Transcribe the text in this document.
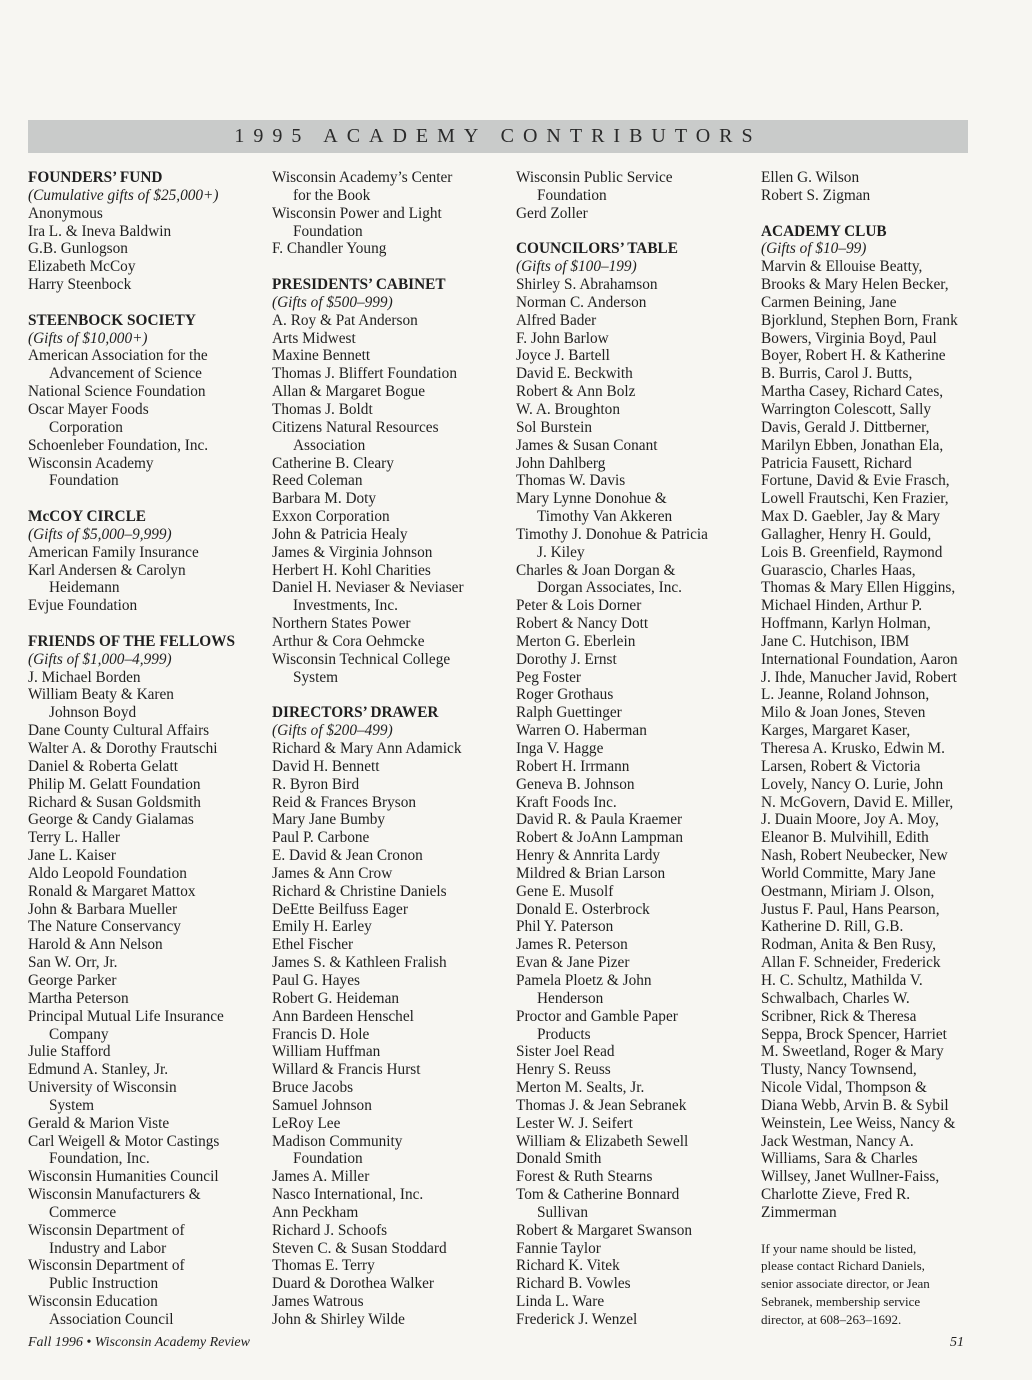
1995 ACADEMY CONTRIBUTORS
FOUNDERS’ FUND
(Cumulative gifts of $25,000+)
Anonymous
Ira L. & Ineva Baldwin
G.B. Gunlogson
Elizabeth McCoy
Harry Steenbock
STEENBOCK SOCIETY
(Gifts of $10,000+)
American Association for the
Advancement of Science
National Science Foundation
Oscar Mayer Foods
Corporation
Schoenleber Foundation, Inc.
Wisconsin Academy
Foundation
McCOY CIRCLE
(Gifts of $5,000–9,999)
American Family Insurance
Karl Andersen & Carolyn
Heidemann
Evjue Foundation
FRIENDS OF THE FELLOWS
(Gifts of $1,000–4,999)
J. Michael Borden
William Beaty & Karen
Johnson Boyd
Dane County Cultural Affairs
Walter A. & Dorothy Frautschi
Daniel & Roberta Gelatt
Philip M. Gelatt Foundation
Richard & Susan Goldsmith
George & Candy Gialamas
Terry L. Haller
Jane L. Kaiser
Aldo Leopold Foundation
Ronald & Margaret Mattox
John & Barbara Mueller
The Nature Conservancy
Harold & Ann Nelson
San W. Orr, Jr.
George Parker
Martha Peterson
Principal Mutual Life Insurance
Company
Julie Stafford
Edmund A. Stanley, Jr.
University of Wisconsin
System
Gerald & Marion Viste
Carl Weigell & Motor Castings
Foundation, Inc.
Wisconsin Humanities Council
Wisconsin Manufacturers &
Commerce
Wisconsin Department of
Industry and Labor
Wisconsin Department of
Public Instruction
Wisconsin Education
Association Council
Wisconsin Academy’s Center
for the Book
Wisconsin Power and Light
Foundation
F. Chandler Young
PRESIDENTS’ CABINET
(Gifts of $500–999)
A. Roy & Pat Anderson
Arts Midwest
Maxine Bennett
Thomas J. Bliffert Foundation
Allan & Margaret Bogue
Thomas J. Boldt
Citizens Natural Resources
Association
Catherine B. Cleary
Reed Coleman
Barbara M. Doty
Exxon Corporation
John & Patricia Healy
James & Virginia Johnson
Herbert H. Kohl Charities
Daniel H. Neviaser & Neviaser
Investments, Inc.
Northern States Power
Arthur & Cora Oehmcke
Wisconsin Technical College
System
DIRECTORS’ DRAWER
(Gifts of $200–499)
Richard & Mary Ann Adamick
David H. Bennett
R. Byron Bird
Reid & Frances Bryson
Mary Jane Bumby
Paul P. Carbone
E. David & Jean Cronon
James & Ann Crow
Richard & Christine Daniels
DeEtte Beilfuss Eager
Emily H. Earley
Ethel Fischer
James S. & Kathleen Fralish
Paul G. Hayes
Robert G. Heideman
Ann Bardeen Henschel
Francis D. Hole
William Huffman
Willard & Francis Hurst
Bruce Jacobs
Samuel Johnson
LeRoy Lee
Madison Community
Foundation
James A. Miller
Nasco International, Inc.
Ann Peckham
Richard J. Schoofs
Steven C. & Susan Stoddard
Thomas E. Terry
Duard & Dorothea Walker
James Watrous
John & Shirley Wilde
Wisconsin Public Service
Foundation
Gerd Zoller
COUNCILORS’ TABLE
(Gifts of $100–199)
Shirley S. Abrahamson
Norman C. Anderson
Alfred Bader
F. John Barlow
Joyce J. Bartell
David E. Beckwith
Robert & Ann Bolz
W. A. Broughton
Sol Burstein
James & Susan Conant
John Dahlberg
Thomas W. Davis
Mary Lynne Donohue &
Timothy Van Akkeren
Timothy J. Donohue & Patricia
J. Kiley
Charles & Joan Dorgan &
Dorgan Associates, Inc.
Peter & Lois Dorner
Robert & Nancy Dott
Merton G. Eberlein
Dorothy J. Ernst
Peg Foster
Roger Grothaus
Ralph Guettinger
Warren O. Haberman
Inga V. Hagge
Robert H. Irrmann
Geneva B. Johnson
Kraft Foods Inc.
David R. & Paula Kraemer
Robert & JoAnn Lampman
Henry & Annrita Lardy
Mildred & Brian Larson
Gene E. Musolf
Donald E. Osterbrock
Phil Y. Paterson
James R. Peterson
Evan & Jane Pizer
Pamela Ploetz & John
Henderson
Proctor and Gamble Paper
Products
Sister Joel Read
Henry S. Reuss
Merton M. Sealts, Jr.
Thomas J. & Jean Sebranek
Lester W. J. Seifert
William & Elizabeth Sewell
Donald Smith
Forest & Ruth Stearns
Tom & Catherine Bonnard
Sullivan
Robert & Margaret Swanson
Fannie Taylor
Richard K. Vitek
Richard B. Vowles
Linda L. Ware
Frederick J. Wenzel
Ellen G. Wilson
Robert S. Zigman
ACADEMY CLUB
(Gifts of $10–99)
Marvin & Ellouise Beatty,
Brooks & Mary Helen Becker,
Carmen Beining, Jane
Bjorklund, Stephen Born, Frank
Bowers, Virginia Boyd, Paul
Boyer, Robert H. & Katherine
B. Burris, Carol J. Butts,
Martha Casey, Richard Cates,
Warrington Colescott, Sally
Davis, Gerald J. Dittberner,
Marilyn Ebben, Jonathan Ela,
Patricia Fausett, Richard
Fortune, David & Evie Frasch,
Lowell Frautschi, Ken Frazier,
Max D. Gaebler, Jay & Mary
Gallagher, Henry H. Gould,
Lois B. Greenfield, Raymond
Guarascio, Charles Haas,
Thomas & Mary Ellen Higgins,
Michael Hinden, Arthur P.
Hoffmann, Karlyn Holman,
Jane C. Hutchison, IBM
International Foundation, Aaron
J. Ihde, Manucher Javid, Robert
L. Jeanne, Roland Johnson,
Milo & Joan Jones, Steven
Karges, Margaret Kaser,
Theresa A. Krusko, Edwin M.
Larsen, Robert & Victoria
Lovely, Nancy O. Lurie, John
N. McGovern, David E. Miller,
J. Duain Moore, Joy A. Moy,
Eleanor B. Mulvihill, Edith
Nash, Robert Neubecker, New
World Committe, Mary Jane
Oestmann, Miriam J. Olson,
Justus F. Paul, Hans Pearson,
Katherine D. Rill, G.B.
Rodman, Anita & Ben Rusy,
Allan F. Schneider, Frederick
H. C. Schultz, Mathilda V.
Schwalbach, Charles W.
Scribner, Rick & Theresa
Seppa, Brock Spencer, Harriet
M. Sweetland, Roger & Mary
Tlusty, Nancy Townsend,
Nicole Vidal, Thompson &
Diana Webb, Arvin B. & Sybil
Weinstein, Lee Weiss, Nancy &
Jack Westman, Nancy A.
Williams, Sara & Charles
Willsey, Janet Wullner-Faiss,
Charlotte Zieve, Fred R.
Zimmerman
If your name should be listed,
please contact Richard Daniels,
senior associate director, or Jean
Sebranek, membership service
director, at 608–263–1692.
Fall 1996 • Wisconsin Academy Review	51
